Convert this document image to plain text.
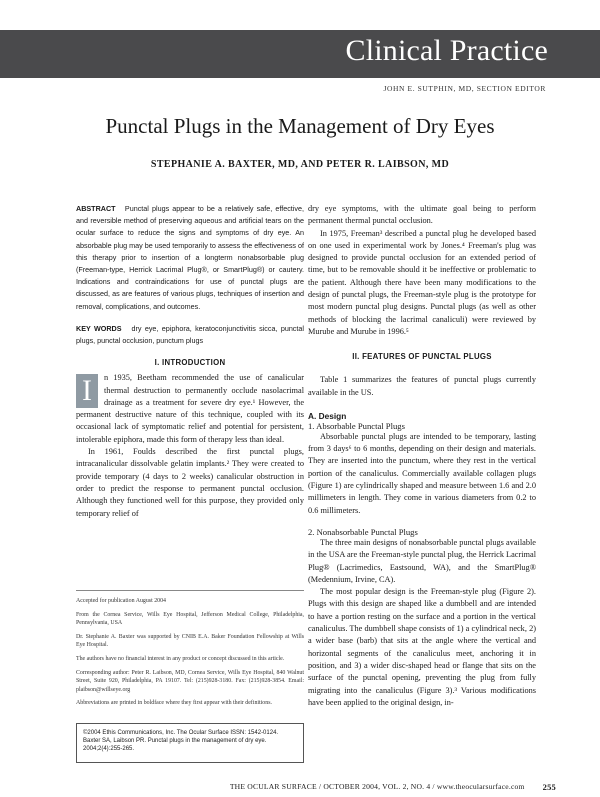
Clinical Practice
JOHN E. SUTPHIN, MD, SECTION EDITOR
Punctal Plugs in the Management of Dry Eyes
STEPHANIE A. BAXTER, MD, AND PETER R. LAIBSON, MD

ABSTRACT Punctal plugs appear to be a relatively safe, effective, and reversible method of preserving aqueous and artificial tears on the ocular surface to reduce the signs and symptoms of dry eye. An absorbable plug may be used temporarily to assess the effectiveness of this therapy prior to insertion of a longterm nonabsorbable plug (Freeman-type, Herrick Lacrimal Plug®, or SmartPlug®) or cautery. Indications and contraindications for use of punctal plugs are discussed, as are features of various plugs, techniques of insertion and removal, complications, and outcomes.

KEY WORDS dry eye, epiphora, keratoconjunctivitis sicca, punctal plugs, punctal occlusion, punctum plugs

I. INTRODUCTION

I	n 1935, Beetham recommended the use of canalicular thermal destruction to permanently occlude nasolacrimal drainage as a treatment for severe dry eye.¹ However, the permanent destructive nature of this technique, coupled with its occasional lack of symptomatic relief and potential for persistent, intolerable epiphora, made this form of therapy less than ideal.

In 1961, Foulds described the first punctal plugs, intracanalicular dissolvable gelatin implants.² They were created to provide temporary (4 days to 2 weeks) canalicular obstruction in order to predict the response to permanent punctal occlusion. Although they functioned well for this purpose, they provided only temporary relief of

dry eye symptoms, with the ultimate goal being to perform permanent thermal punctal occlusion.

In 1975, Freeman³ described a punctal plug he developed based on one used in experimental work by Jones.⁴ Freeman's plug was designed to provide punctal occlusion for an extended period of time, but to be removable should it be ineffective or problematic to the patient. Although there have been many modifications to the design of punctal plugs, the Freeman-style plug is the prototype for most modern punctal plug designs. Punctal plugs (as well as other methods of blocking the lacrimal canaliculi) were reviewed by Murube and Murube in 1996.⁵

II. FEATURES OF PUNCTAL PLUGS

Table 1 summarizes the features of punctal plugs currently available in the US.

A. Design

1. Absorbable Punctal Plugs

Absorbable punctal plugs are intended to be temporary, lasting from 3 days⁶ to 6 months, depending on their design and materials. They are inserted into the punctum, where they rest in the vertical portion of the canaliculus. Commercially available collagen plugs (Figure 1) are cylindrically shaped and measure between 1.6 and 2.0 millimeters in length. They come in various diameters from 0.2 to 0.6 millimeters.

2. Nonabsorbable Punctal Plugs

The three main designs of nonabsorbable punctal plugs available in the USA are the Freeman-style punctal plug, the Herrick Lacrimal Plug® (Lacrimedics, Eastsound, WA), and the SmartPlug® (Medennium, Irvine, CA).

The most popular design is the Freeman-style plug (Figure 2). Plugs with this design are shaped like a dumbbell and are intended to have a portion resting on the surface and a portion in the vertical canaliculus. The dumbbell shape consists of 1) a cylindrical neck, 2) a wider base (barb) that sits at the angle where the vertical and horizontal segments of the canaliculus meet, anchoring it in position, and 3) a wider disc-shaped head or flange that sits on the surface of the punctal opening, preventing the plug from fully migrating into the canaliculus (Figure 3).³ Various modifications have been applied to the original design, in-

Accepted for publication August 2004

From the Cornea Service, Wills Eye Hospital, Jefferson Medical College, Philadelphia, Pennsylvania, USA

Dr. Stephanie A. Baxter was supported by CNIB E.A. Baker Foundation Fellowship at Wills Eye Hospital.

The authors have no financial interest in any product or concept discussed in this article.

Corresponding author: Peter R. Laibson, MD, Cornea Service, Wills Eye Hospital, 840 Walnut Street, Suite 920, Philadelphia, PA 19107. Tel: (215)928-3180. Fax: (215)928-3854. Email: plaibson@willseye.org

Abbreviations are printed in boldface where they first appear with their definitions.

©2004 Ethis Communications, Inc. The Ocular Surface ISSN: 1542-0124. Baxter SA, Laibson PR. Punctal plugs in the management of dry eye. 2004;2(4):255-265.
THE OCULAR SURFACE / OCTOBER 2004, VOL. 2, NO. 4 / www.theocularsurface.com 255
